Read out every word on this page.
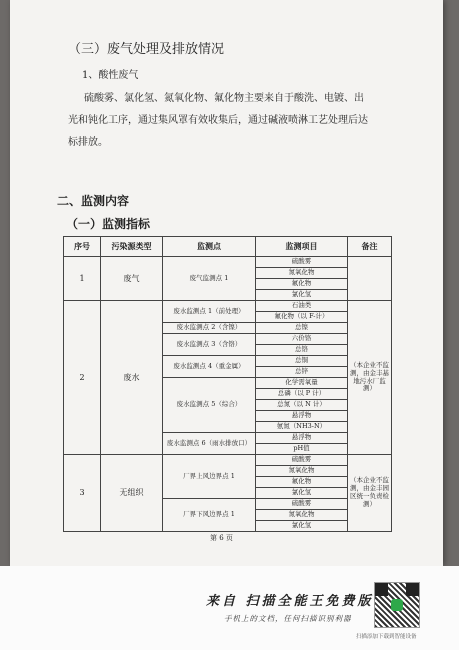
（三）废气处理及排放情况
1、酸性废气
硫酸雾、氯化氢、氮氧化物、氟化物主要来自于酸洗、电镀、出光和钝化工序，通过集风罩有效收集后，通过碱液喷淋工艺处理后达标排放。
二、监测内容
（一）监测指标
序号	污染源类型	监测点	监测项目	备注
1	废气	废气监测点 1	硫酸雾	
			氮氧化物	
			氟化物	
			氯化氢	
2	废水	废水监测点 1（前处理）	石油类	（本企业不监测，由金丰基地污水厂监测）
			氟化物（以 F-计）	
		废水监测点 2（含镍）	总镍	
		废水监测点 3（含铬）	六价铬	
			总铬	
		废水监测点 4（重金属）	总铜	
			总锌	
		废水监测点 5（综合）	化学需氧量	
			总磷（以 P 计）	
			总氮（以 N 计）	
			悬浮物	
			氨氮（NH3-N）	
		废水监测点 6（雨水排放口）	悬浮物	
			pH值	
3	无组织	厂界上风边界点 1	硫酸雾	（本企业不监测，由金丰园区统一负责检测）
			氮氧化物	
			氟化物	
			氯化氢	
		厂界下风边界点 1	硫酸雾	
			氮氧化物	
			氯化氢	
第 6 页
来自 扫描全能王免费版
手机上的文档，任何扫描识别利器
扫描添加下载到智能设备
